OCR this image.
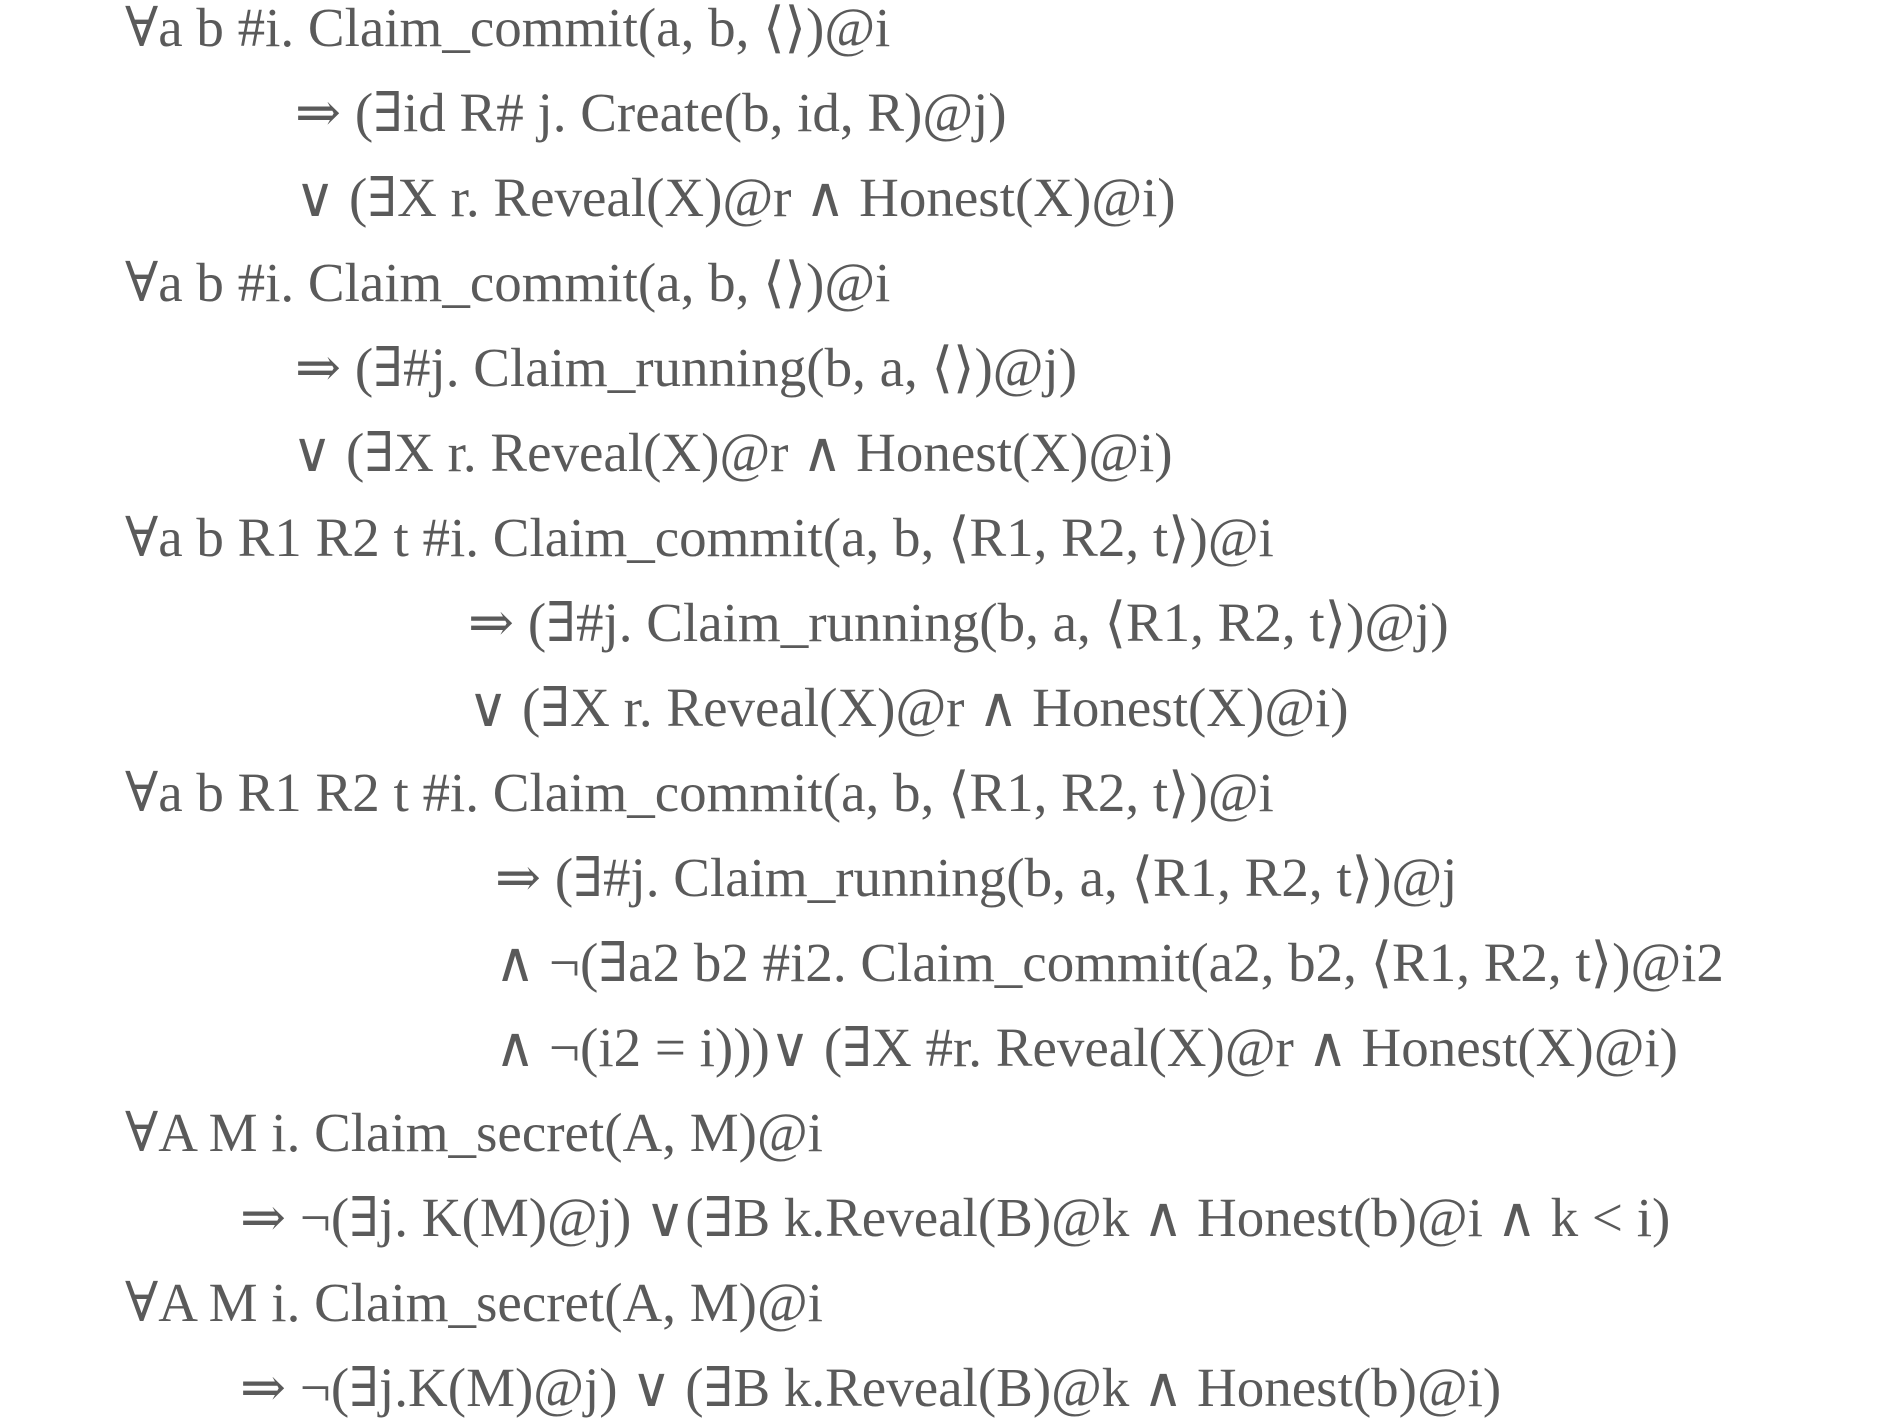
∀a b #i. Claim_commit(a, b, ⟨⟩)@i
⇒ (∃id R# j. Create(b, id, R)@j)
∨ (∃X r. Reveal(X)@r ∧ Honest(X)@i)
∀a b #i. Claim_commit(a, b, ⟨⟩)@i
⇒ (∃#j. Claim_running(b, a, ⟨⟩)@j)
∨ (∃X r. Reveal(X)@r ∧ Honest(X)@i)
∀a b R1 R2 t #i. Claim_commit(a, b, ⟨R1, R2, t⟩)@i
⇒ (∃#j. Claim_running(b, a, ⟨R1, R2, t⟩)@j)
∨ (∃X r. Reveal(X)@r ∧ Honest(X)@i)
∀a b R1 R2 t #i. Claim_commit(a, b, ⟨R1, R2, t⟩)@i
⇒ (∃#j. Claim_running(b, a, ⟨R1, R2, t⟩)@j
∧ ¬(∃a2 b2 #i2. Claim_commit(a2, b2, ⟨R1, R2, t⟩)@i2
∧ ¬(i2 = i)))∨ (∃X #r. Reveal(X)@r ∧ Honest(X)@i)
∀A M i. Claim_secret(A, M)@i
⇒ ¬(∃j. K(M)@j) ∨(∃B k.Reveal(B)@k ∧ Honest(b)@i ∧ k < i)
∀A M i. Claim_secret(A, M)@i
⇒ ¬(∃j.K(M)@j) ∨ (∃B k.Reveal(B)@k ∧ Honest(b)@i)
